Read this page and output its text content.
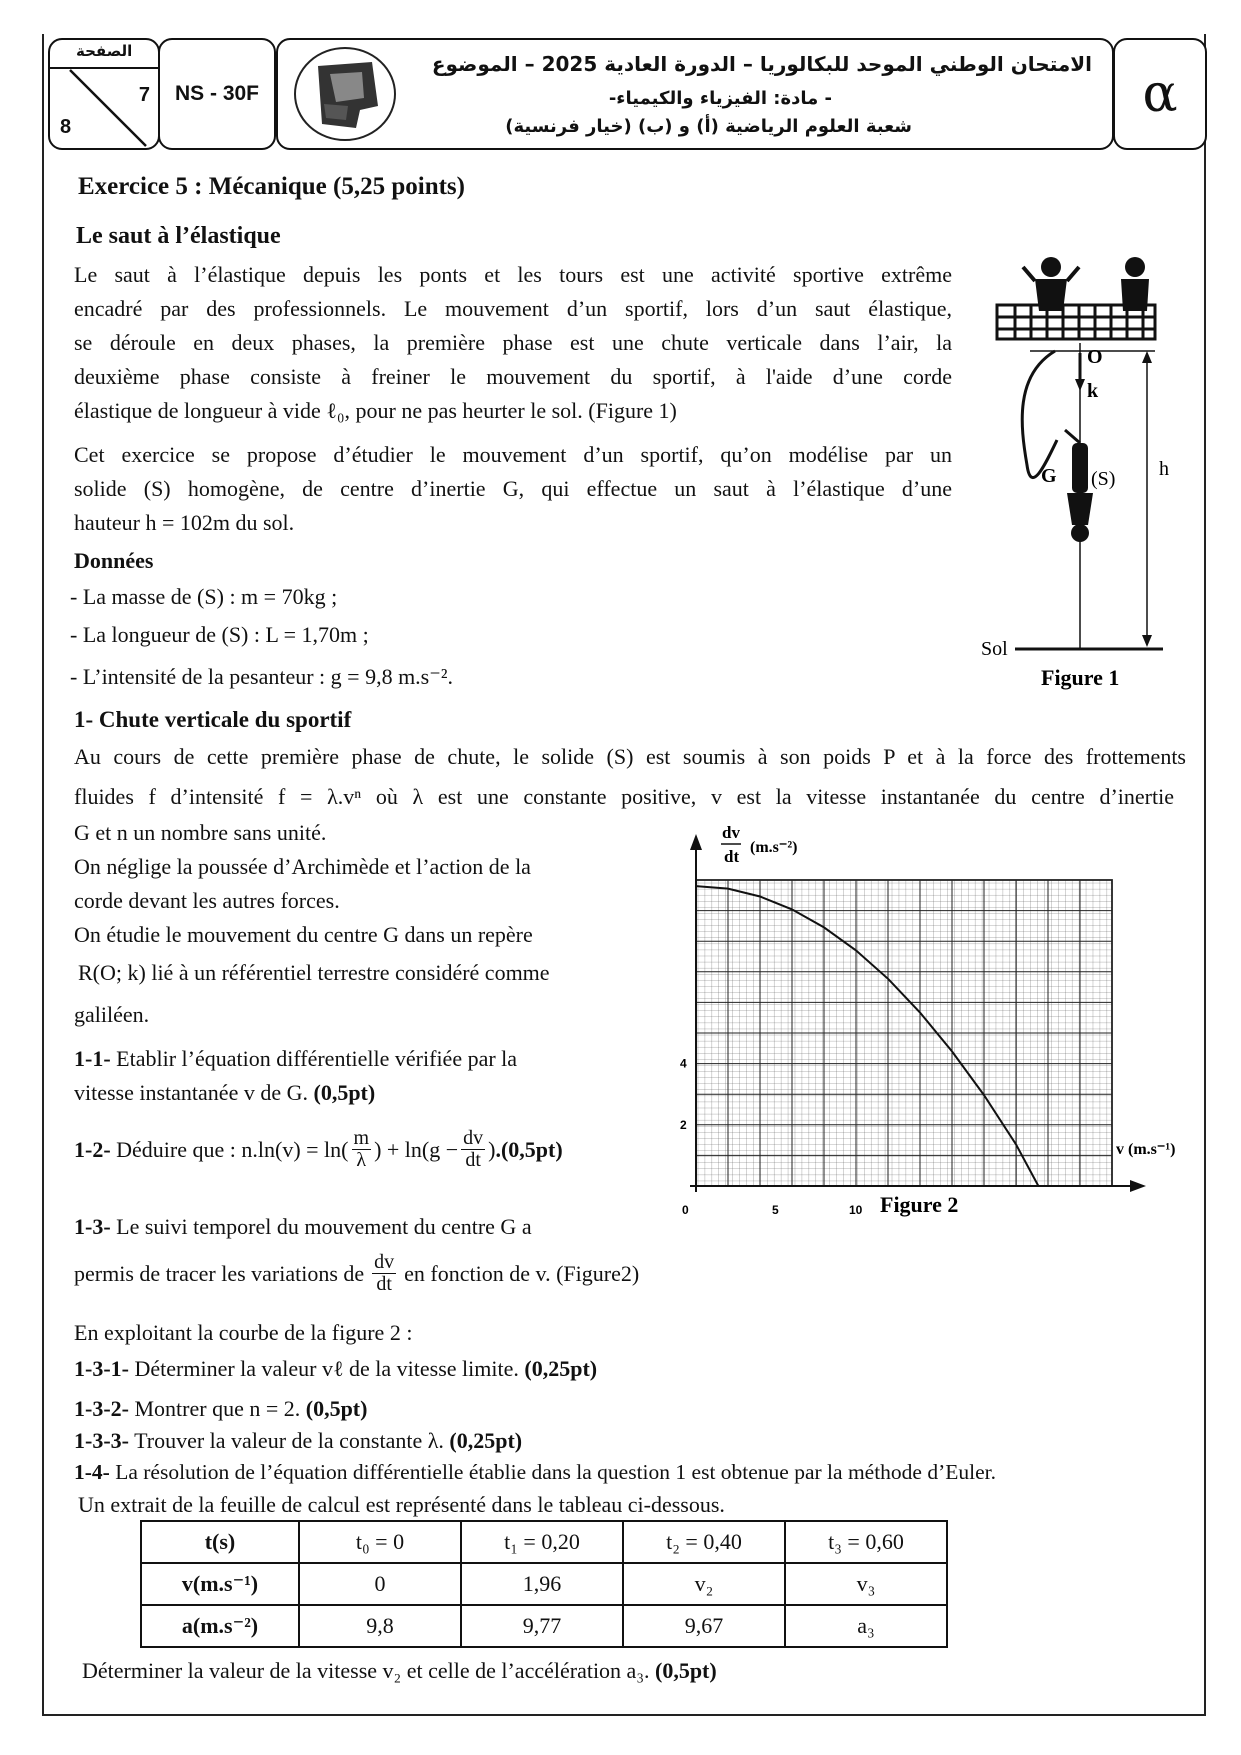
الصفحة
7
8
NS - 30F
الامتحان الوطني الموحد للبكالوريا – الدورة العادية 2025 – الموضوع
- مادة: الفيزياء والكيمياء-
شعبة العلوم الرياضية (أ) و (ب) (خيار فرنسية)
α
Exercice 5 : Mécanique (5,25 points)
Le saut à l’élastique
Le saut à l’élastique depuis les ponts et les tours est une activité sportive extrême
encadré par des professionnels. Le mouvement d’un sportif, lors d’un saut élastique,
se déroule en deux phases, la première phase est une chute verticale dans l’air, la
deuxième phase consiste à freiner le mouvement du sportif, à l'aide d’une corde
élastique de longueur à vide ℓ₀, pour ne pas heurter le sol. (Figure 1)
Cet exercice se propose d’étudier le mouvement d’un sportif, qu’on modélise par un
solide (S) homogène, de centre d’inertie G, qui effectue un saut à l’élastique d’une
hauteur h = 102m du sol.
Données
- La masse de (S) : m = 70kg ;
- La longueur de (S) : L = 1,70m ;
- L’intensité de la pesanteur : g = 9,8 m.s⁻².
1- Chute verticale du sportif
Au cours de cette première phase de chute, le solide (S) est soumis à son poids P et à la force des frottements
fluides f d’intensité f = λ.vⁿ où λ est une constante positive, v est la vitesse instantanée du centre d’inertie
G et n un nombre sans unité.
On néglige la poussée d’Archimède et l’action de la
corde devant les autres forces.
On étudie le mouvement du centre G dans un repère
R(O; k) lié à un référentiel terrestre considéré comme
galiléen.
1-1- Etablir l’équation différentielle vérifiée par la
vitesse instantanée v de G. (0,5pt)
1-2-
Déduire que : $n.\ln(v) = \ln( \frac{m}{\lambda}$ ) + $\ln(g - \frac{dv}{dt}$ ) .(0,5pt)
1-3- Le suivi temporel du mouvement du centre G a
permis de tracer les variations de $\frac{dv}{dt}$ en fonction de v. (Figure2)
En exploitant la courbe de la figure 2 :
1-3-1- Déterminer la valeur vℓ de la vitesse limite. (0,25pt)
1-3-2- Montrer que n = 2. (0,5pt)
1-3-3- Trouver la valeur de la constante λ. (0,25pt)
1-4- La résolution de l’équation différentielle établie dans la question 1 est obtenue par la méthode d’Euler.
Un extrait de la feuille de calcul est représenté dans le tableau ci-dessous.
t(s)	t₀ = 0	t₁ = 0,20	t₂ = 0,40	t₃ = 0,60
v(m.s⁻¹)	0	1,96	v₂	v₃
a(m.s⁻²)	9,8	9,77	9,67	a₃
Déterminer la valeur de la vitesse v₂ et celle de l’accélération a₃. (0,5pt)
O
k
G (S) h
Sol
Figure 1
dv
dt (m.s⁻²)
v (m.s⁻¹)
0	5	10
2
4
Figure 2
